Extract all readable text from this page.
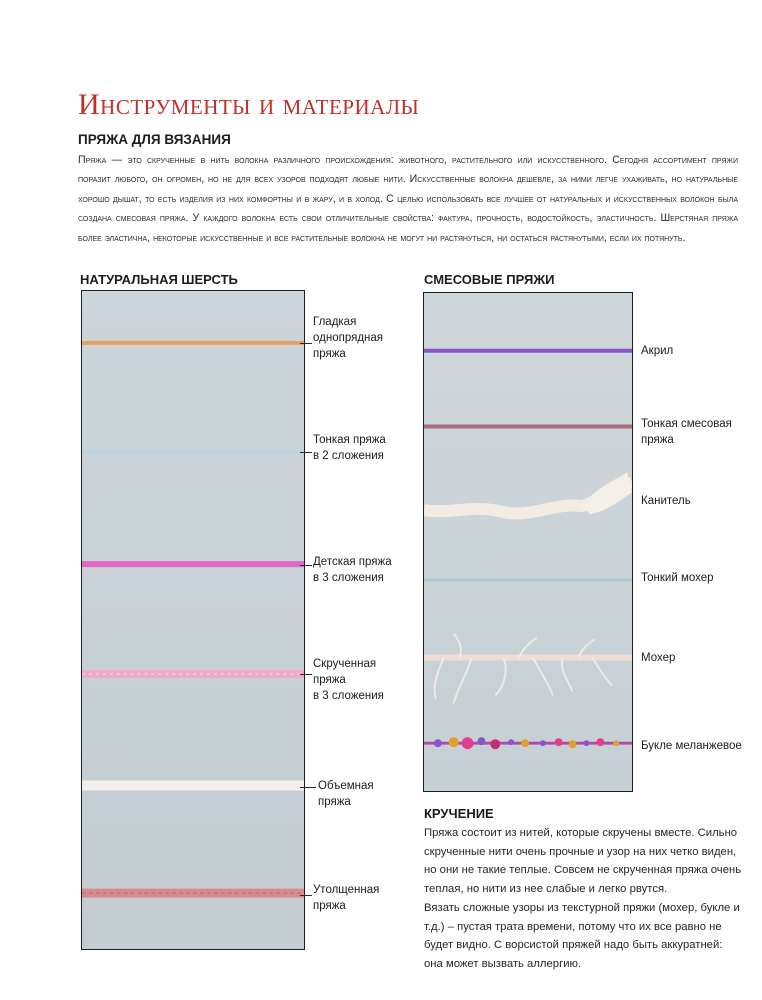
Инструменты и материалы
ПРЯЖА ДЛЯ ВЯЗАНИЯ
Пряжа — это скрученные в нить волокна различного происхождения: животного, растительного или искусственного. Сегодня ассортимент пряжи поразит любого, он огромен, но не для всех узоров подходят любые нити. Искусственные волокна дешевле, за ними легче ухаживать, но натуральные хорошо дышат, то есть изделия из них комфортны и в жару, и в холод. С целью использовать все лучшее от натуральных и искусственных волокон была создана смесовая пряжа. У каждого волокна есть свои отличительные свойства: фактура, прочность, водостойкость, эластичность. Шерстяная пряжа более эластична, некоторые искусственные и все растительные волокна не могут ни растянуться, ни остаться растянутыми, если их потянуть.
НАТУРАЛЬНАЯ ШЕРСТЬ
Гладкая
однопрядная
пряжа
Тонкая пряжа
в 2 сложения
Детская пряжа
в 3 сложения
Скрученная
пряжа
в 3 сложения
Объемная
пряжа
Утолщенная
пряжа
СМЕСОВЫЕ ПРЯЖИ
Акрил
Тонкая смесовая
пряжа
Канитель
Тонкий мохер
Мохер
Букле меланжевое
КРУЧЕНИЕ
Пряжа состоит из нитей, которые скручены вместе. Сильно скрученные нити очень прочные и узор на них четко виден, но они не такие теплые. Совсем не скрученная пряжа очень теплая, но нити из нее слабые и легко рвутся.
Вязать сложные узоры из текстурной пряжи (мохер, букле и т.д.) – пустая трата времени, потому что их все равно не будет видно. С ворсистой пряжей надо быть аккуратней: она может вызвать аллергию.
